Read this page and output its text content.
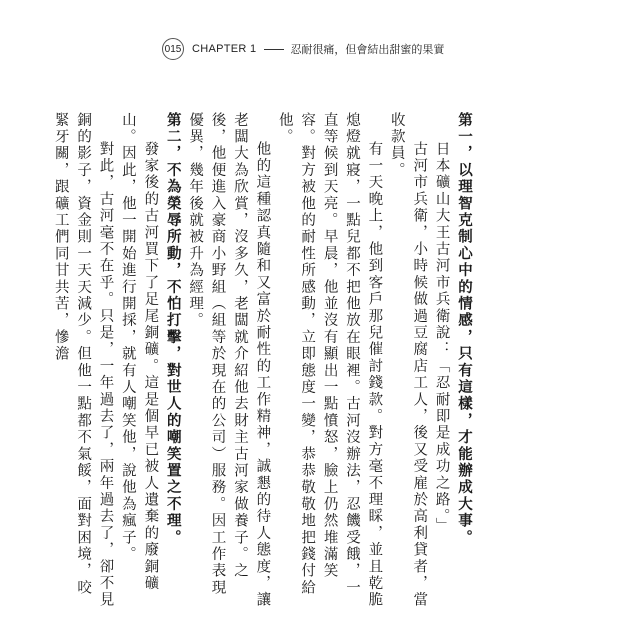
015 CHAPTER 1	忍耐很痛，但會結出甜蜜的果實

第一，以理智克制心中的情感，只有這樣，才能辦成大事。

日本礦山大王古河市兵衛說：「忍耐即是成功之路。」

古河市兵衛，小時候做過豆腐店工人，後又受雇於高利貸者，當收款員。

有一天晚上，他到客戶那兒催討錢款。對方毫不理睬，並且乾脆熄燈就寢，一點兒都不把他放在眼裡。古河沒辦法，忍饑受餓，一直等候到天亮。早晨，他並沒有顯出一點憤怒，臉上仍然堆滿笑容。對方被他的耐性所感動，立即態度一變，恭恭敬敬地把錢付給他。

他的這種認真隨和又富於耐性的工作精神，誠懇的待人態度，讓老闆大為欣賞，沒多久，老闆就介紹他去財主古河家做養子。之後，他便進入豪商小野組（組等於現在的公司）服務。因工作表現優異，幾年後就被升為經理。

第二，不為榮辱所動，不怕打擊，對世人的嘲笑置之不理。

發家後的古河買下了足尾銅礦。這是個早已被人遺棄的廢銅礦山。因此，他一開始進行開採，就有人嘲笑他，說他為瘋子。

對此，古河毫不在乎。只是，一年過去了，兩年過去了，卻不見銅的影子，資金則一天天減少。但他一點都不氣餒，面對困境，咬緊牙關，跟礦工們同甘共苦，慘澹
